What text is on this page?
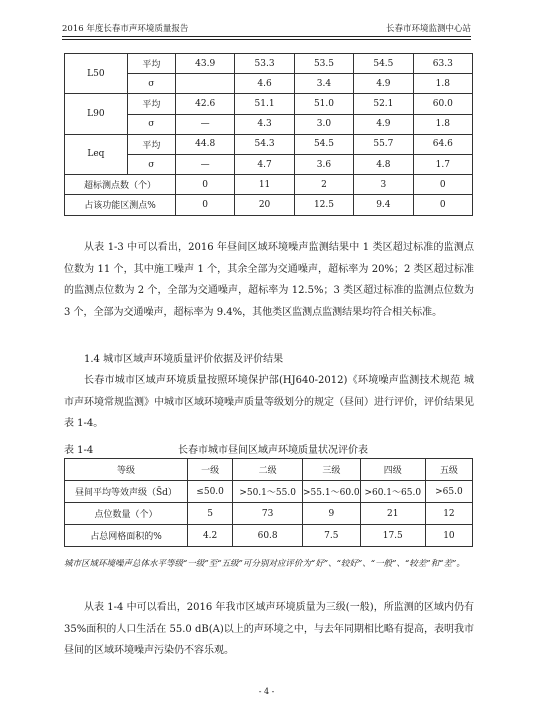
2016 年度长春市声环境质量报告	长春市环境监测中心站
L50	平均	43.9	53.3	53.5	54.5	63.3
	σ		4.6	3.4	4.9	1.8
L90	平均	42.6	51.1	51.0	52.1	60.0
	σ	—	4.3	3.0	4.9	1.8
Leq	平均	44.8	54.3	54.5	55.7	64.6
	σ	—	4.7	3.6	4.8	1.7
超标测点数（个）		0	11	2	3	0
占该功能区测点%		0	20	12.5	9.4	0

从表 1-3 中可以看出，2016 年昼间区域环境噪声监测结果中 1 类区超过标准的监测点位数为 11 个，其中施工噪声 1 个，其余全部为交通噪声，超标率为 20%；2 类区超过标准的监测点位数为 2 个，全部为交通噪声，超标率为 12.5%；3 类区超过标准的监测点位数为 3 个，全部为交通噪声，超标率为 9.4%，其他类区监测点监测结果均符合相关标准。

1.4 城市区域声环境质量评价依据及评价结果

长春市城市区域声环境质量按照环境保护部(HJ640-2012)《环境噪声监测技术规范 城市声环境常规监测》中城市区域环境噪声质量等级划分的规定（昼间）进行评价，评价结果见表 1-4。

表 1-4	长春市城市昼间区域声环境质量状况评价表
等级	一级	二级	三级	四级	五级
昼间平均等效声级（S̄d）	≤50.0	>50.1～55.0	>55.1～60.0	>60.1～65.0	>65.0
点位数量（个）	5	73	9	21	12
占总网格面积的%	4.2	60.8	7.5	17.5	10
城市区域环境噪声总体水平等级“一级”至“五级”可分别对应评价为“好”、“较好”、“一般”、“较差”和“差”。

从表 1-4 中可以看出，2016 年我市区域声环境质量为三级(一般)，所监测的区域内仍有 35%面积的人口生活在 55.0 dB(A)以上的声环境之中，与去年同期相比略有提高，表明我市昼间的区域环境噪声污染仍不容乐观。

- 4 -
